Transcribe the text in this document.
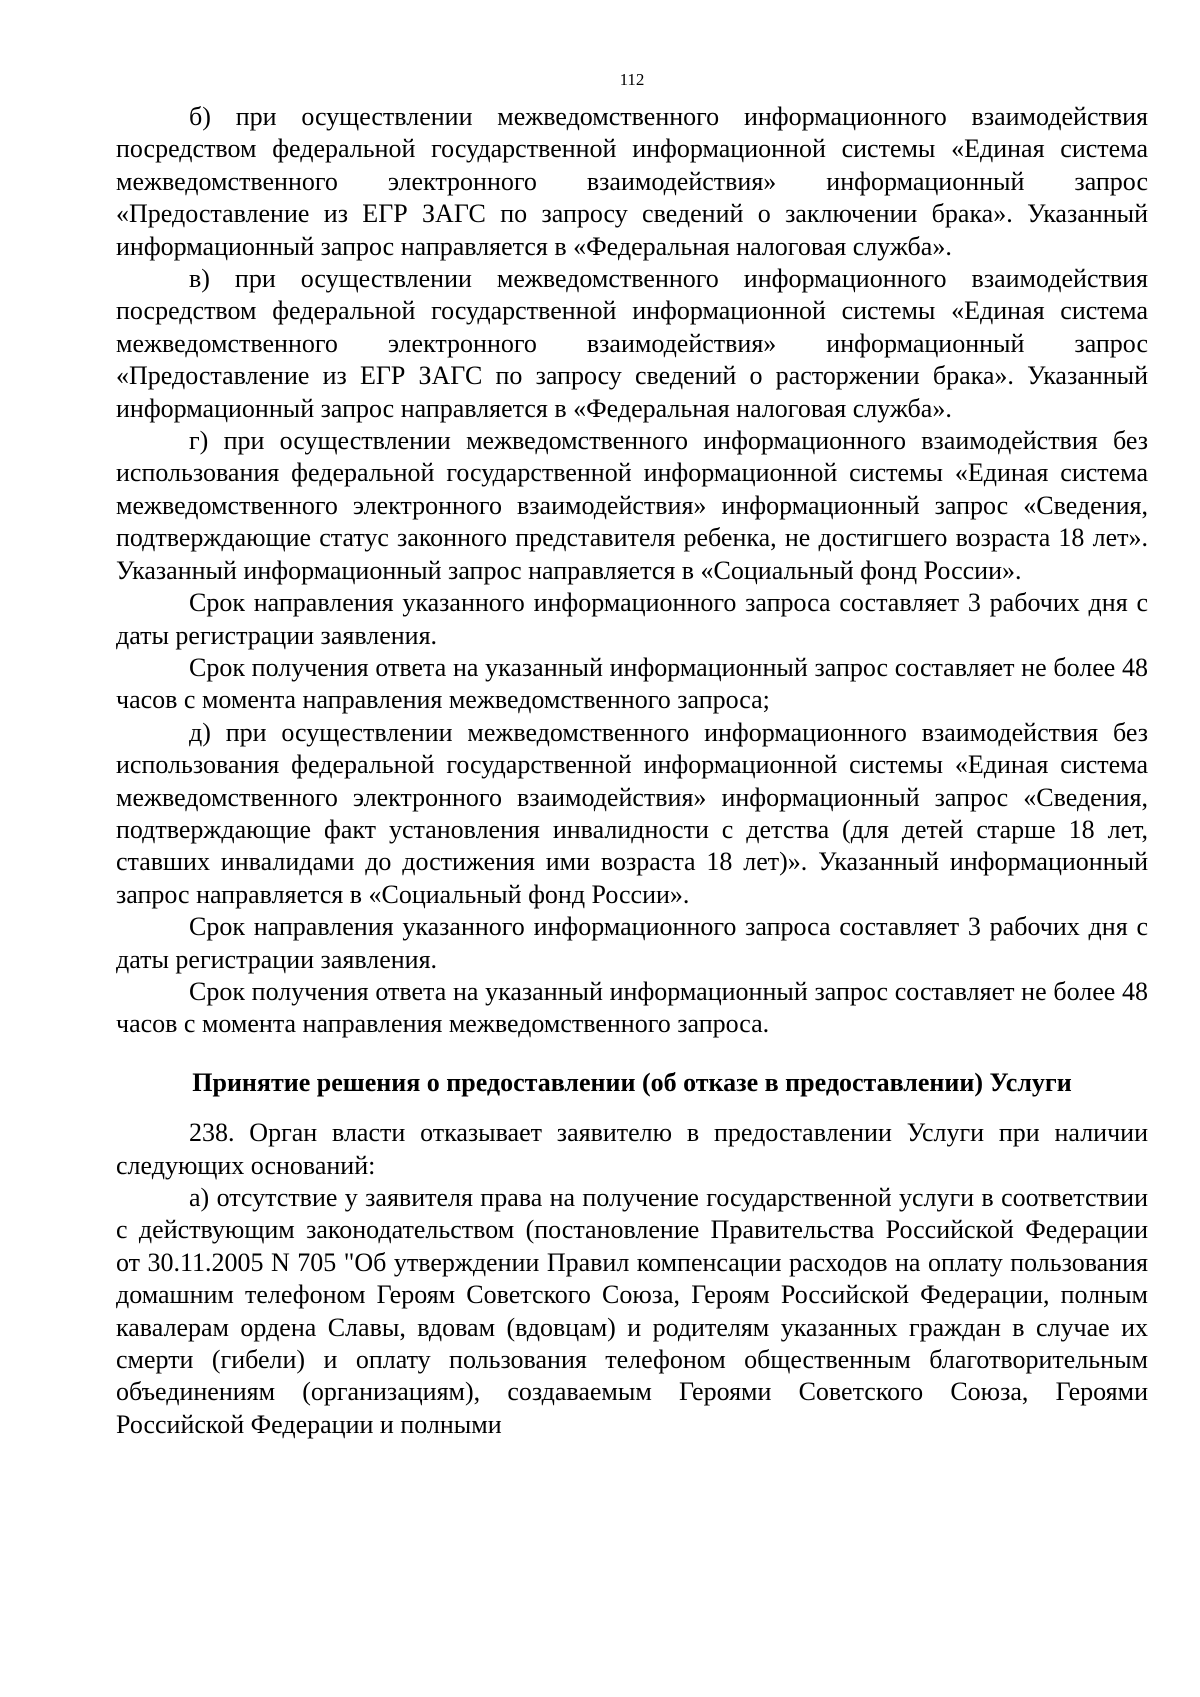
112

б) при осуществлении межведомственного информационного взаимодействия посредством федеральной государственной информационной системы «Единая система межведомственного электронного взаимодействия» информационный запрос «Предоставление из ЕГР ЗАГС по запросу сведений о заключении брака». Указанный информационный запрос направляется в «Федеральная налоговая служба».

в) при осуществлении межведомственного информационного взаимодействия посредством федеральной государственной информационной системы «Единая система межведомственного электронного взаимодействия» информационный запрос «Предоставление из ЕГР ЗАГС по запросу сведений о расторжении брака». Указанный информационный запрос направляется в «Федеральная налоговая служба».

г) при осуществлении межведомственного информационного взаимодействия без использования федеральной государственной информационной системы «Единая система межведомственного электронного взаимодействия» информационный запрос «Сведения, подтверждающие статус законного представителя ребенка, не достигшего возраста 18 лет». Указанный информационный запрос направляется в «Социальный фонд России».

Срок направления указанного информационного запроса составляет 3 рабочих дня с даты регистрации заявления.

Срок получения ответа на указанный информационный запрос составляет не более 48 часов с момента направления межведомственного запроса;

д) при осуществлении межведомственного информационного взаимодействия без использования федеральной государственной информационной системы «Единая система межведомственного электронного взаимодействия» информационный запрос «Сведения, подтверждающие факт установления инвалидности с детства (для детей старше 18 лет, ставших инвалидами до достижения ими возраста 18 лет)». Указанный информационный запрос направляется в «Социальный фонд России».

Срок направления указанного информационного запроса составляет 3 рабочих дня с даты регистрации заявления.

Срок получения ответа на указанный информационный запрос составляет не более 48 часов с момента направления межведомственного запроса.

Принятие решения о предоставлении (об отказе в предоставлении) Услуги

238. Орган власти отказывает заявителю в предоставлении Услуги при наличии следующих оснований:

а) отсутствие у заявителя права на получение государственной услуги в соответствии с действующим законодательством (постановление Правительства Российской Федерации от 30.11.2005 N 705 "Об утверждении Правил компенсации расходов на оплату пользования домашним телефоном Героям Советского Союза, Героям Российской Федерации, полным кавалерам ордена Славы, вдовам (вдовцам) и родителям указанных граждан в случае их смерти (гибели) и оплату пользования телефоном общественным благотворительным объединениям (организациям), создаваемым Героями Советского Союза, Героями Российской Федерации и полными
